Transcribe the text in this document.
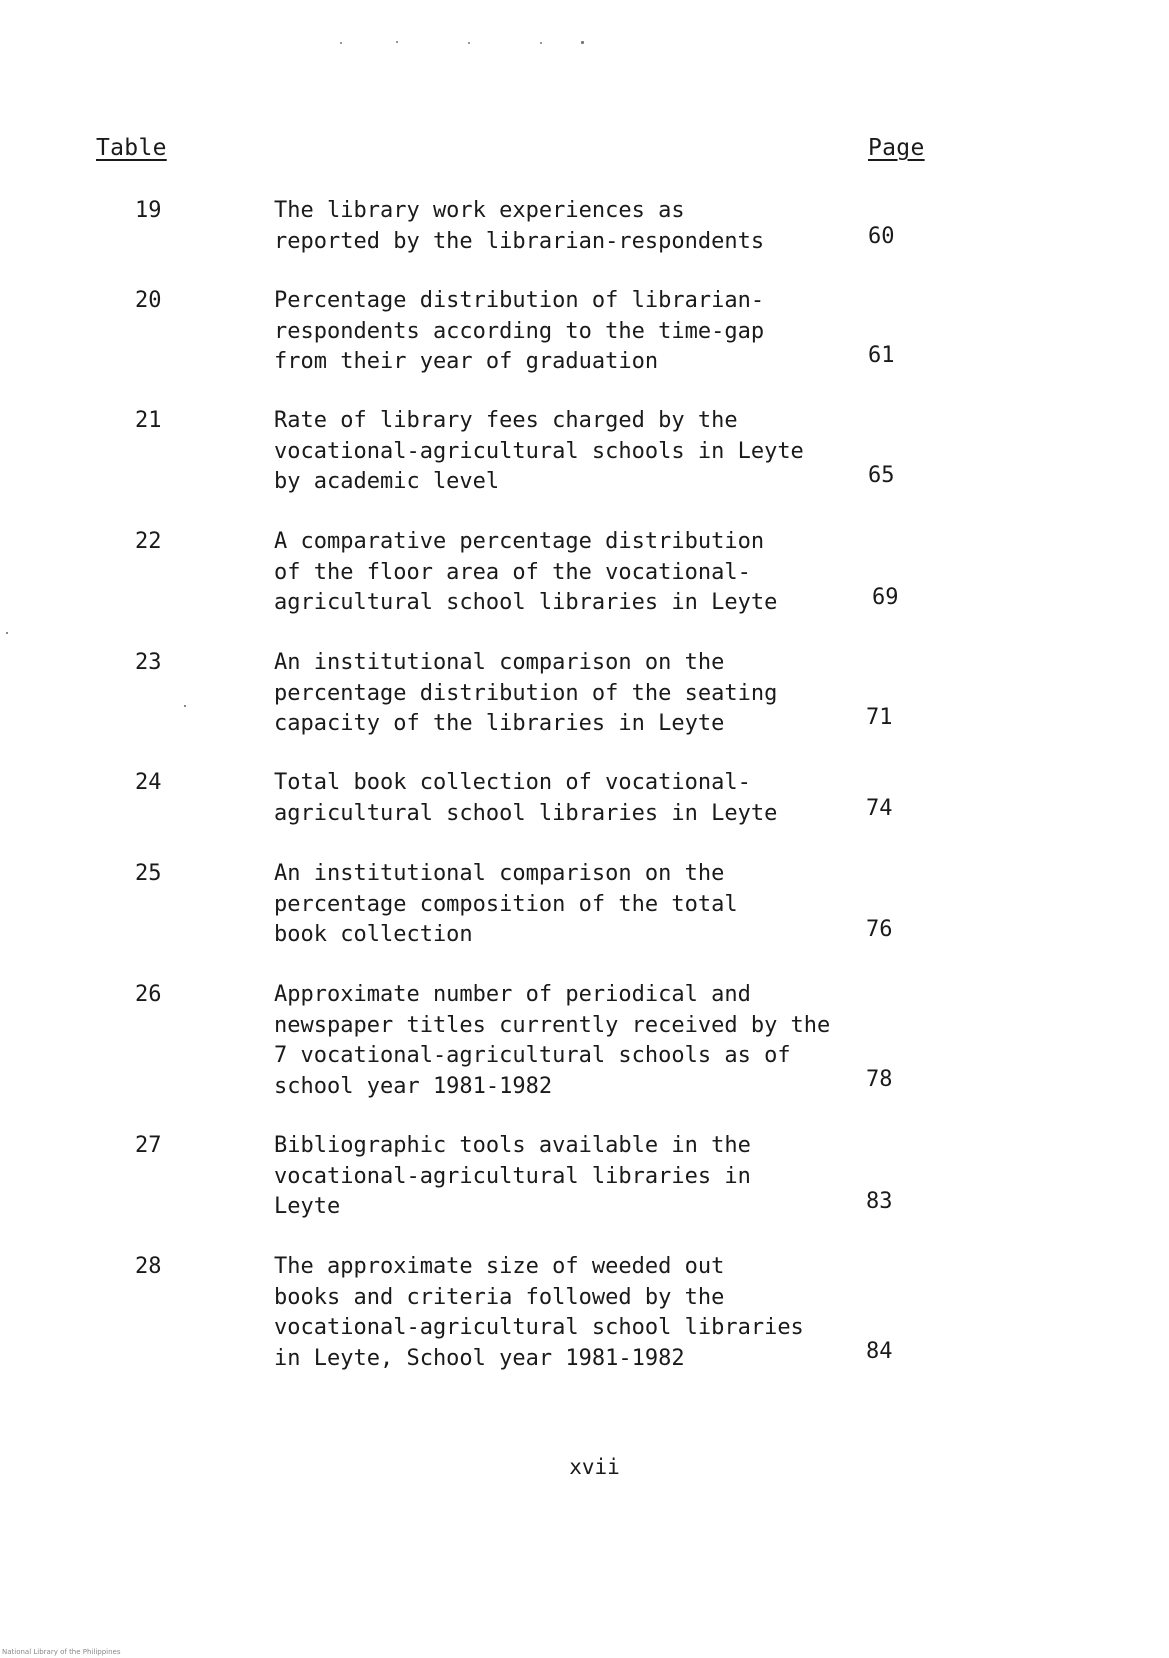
Table	Page
19	The library work experiences as
reported by the librarian-respondents	60
20	Percentage distribution of librarian-
respondents according to the time-gap
from their year of graduation	61
21	Rate of library fees charged by the
vocational-agricultural schools in Leyte
by academic level	65
22	A comparative percentage distribution
of the floor area of the vocational-
agricultural school libraries in Leyte	69
23	An institutional comparison on the
percentage distribution of the seating
capacity of the libraries in Leyte	71
24	Total book collection of vocational-
agricultural school libraries in Leyte	74
25	An institutional comparison on the
percentage composition of the total
book collection	76
26	Approximate number of periodical and
newspaper titles currently received by the
7 vocational-agricultural schools as of
school year 1981-1982	78
27	Bibliographic tools available in the
vocational-agricultural libraries in
Leyte	83
28	The approximate size of weeded out
books and criteria followed by the
vocational-agricultural school libraries
in Leyte, School year 1981-1982	84
xvii
National Library of the Philippines
